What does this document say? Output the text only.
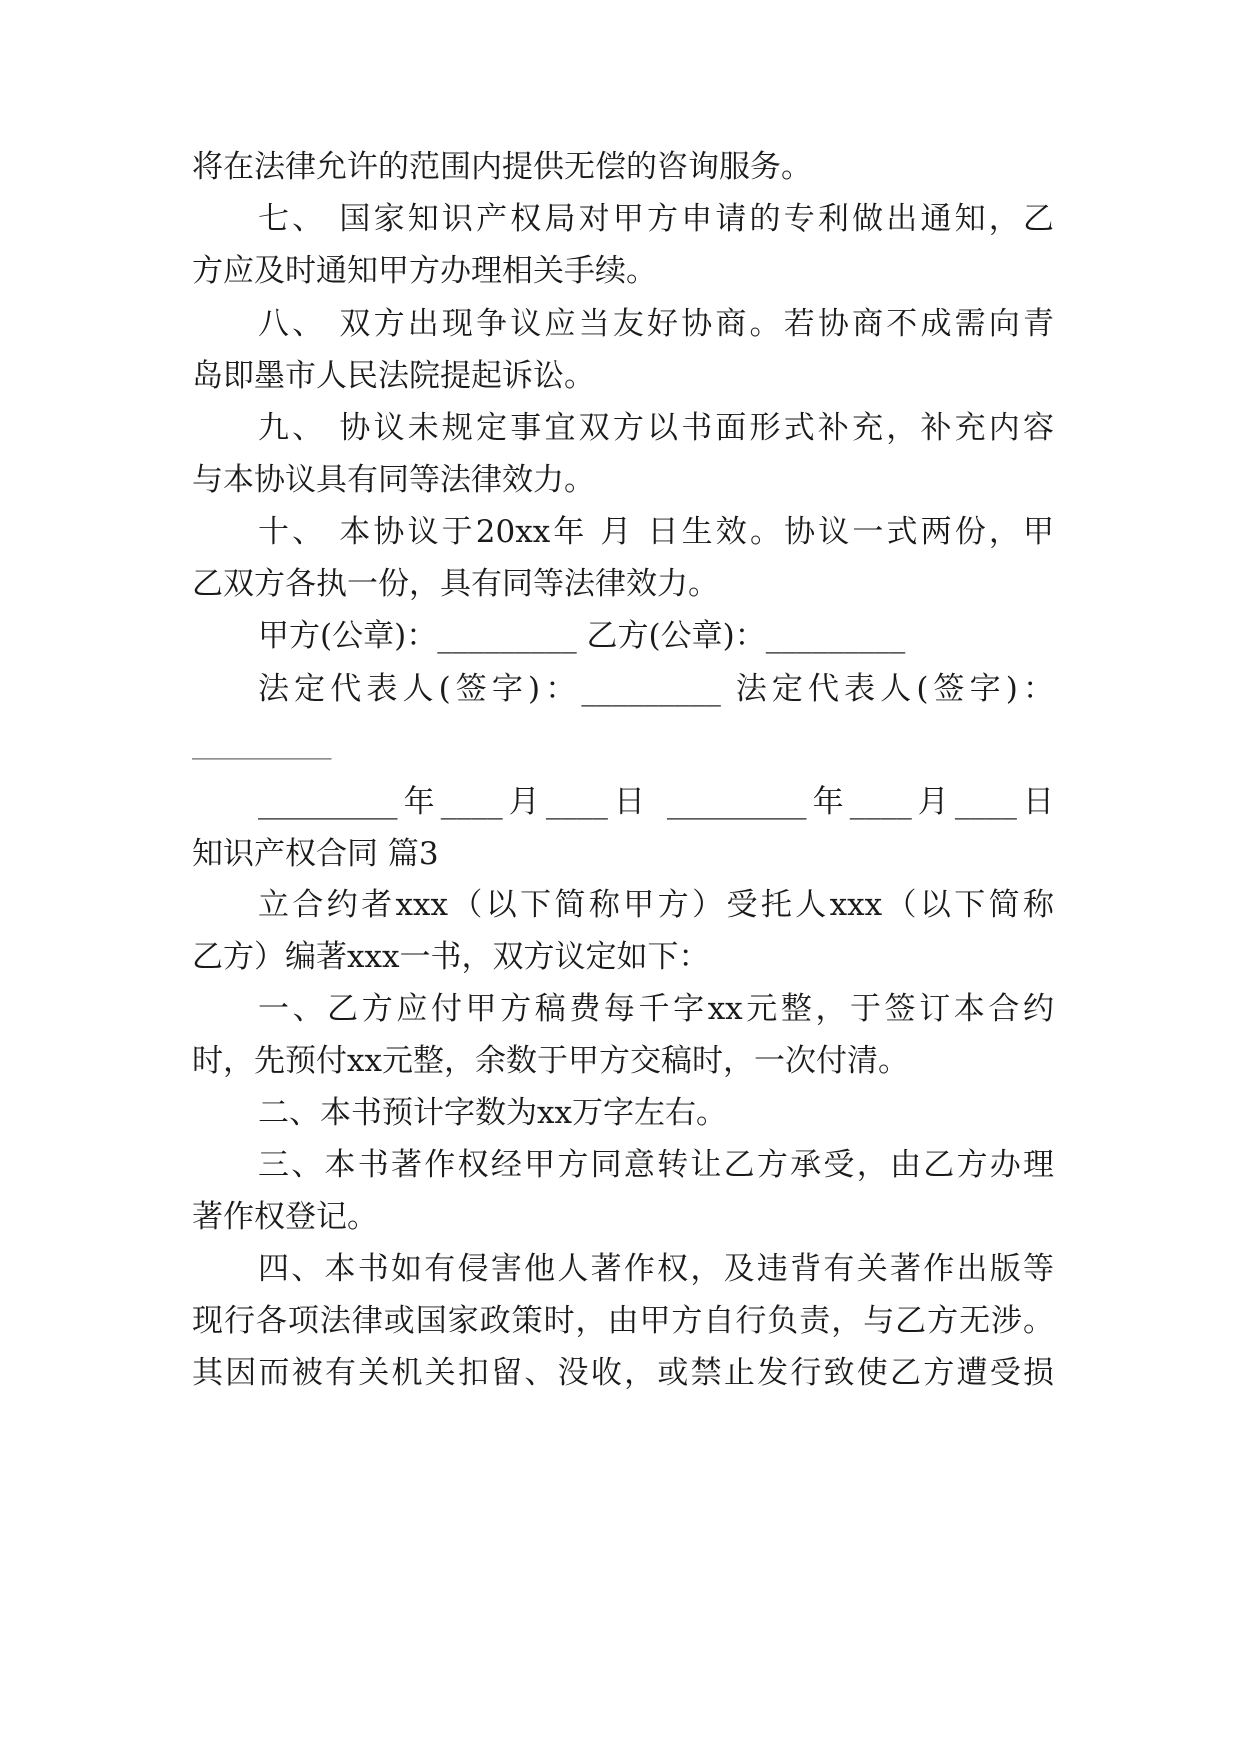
将在法律允许的范围内提供无偿的咨询服务。
七、 国家知识产权局对甲方申请的专利做出通知，乙
方应及时通知甲方办理相关手续。
八、 双方出现争议应当友好协商。若协商不成需向青
岛即墨市人民法院提起诉讼。
九、 协议未规定事宜双方以书面形式补充，补充内容
与本协议具有同等法律效力。
十、 本协议于20xx年 月 日生效。协议一式两份，甲
乙双方各执一份，具有同等法律效力。
甲方(公章)：_________ 乙方(公章)：_________
法定代表人(签字)：_________ 法定代表人(签字)：
_________
_________年____月____日 _________年____月____日
知识产权合同 篇3
立合约者xxx（以下简称甲方）受托人xxx（以下简称
乙方）编著xxx一书，双方议定如下：
一、乙方应付甲方稿费每千字xx元整，于签订本合约
时，先预付xx元整，余数于甲方交稿时，一次付清。
二、本书预计字数为xx万字左右。
三、本书著作权经甲方同意转让乙方承受，由乙方办理
著作权登记。
四、本书如有侵害他人著作权，及违背有关著作出版等
现行各项法律或国家政策时，由甲方自行负责，与乙方无涉。
其因而被有关机关扣留、没收，或禁止发行致使乙方遭受损
